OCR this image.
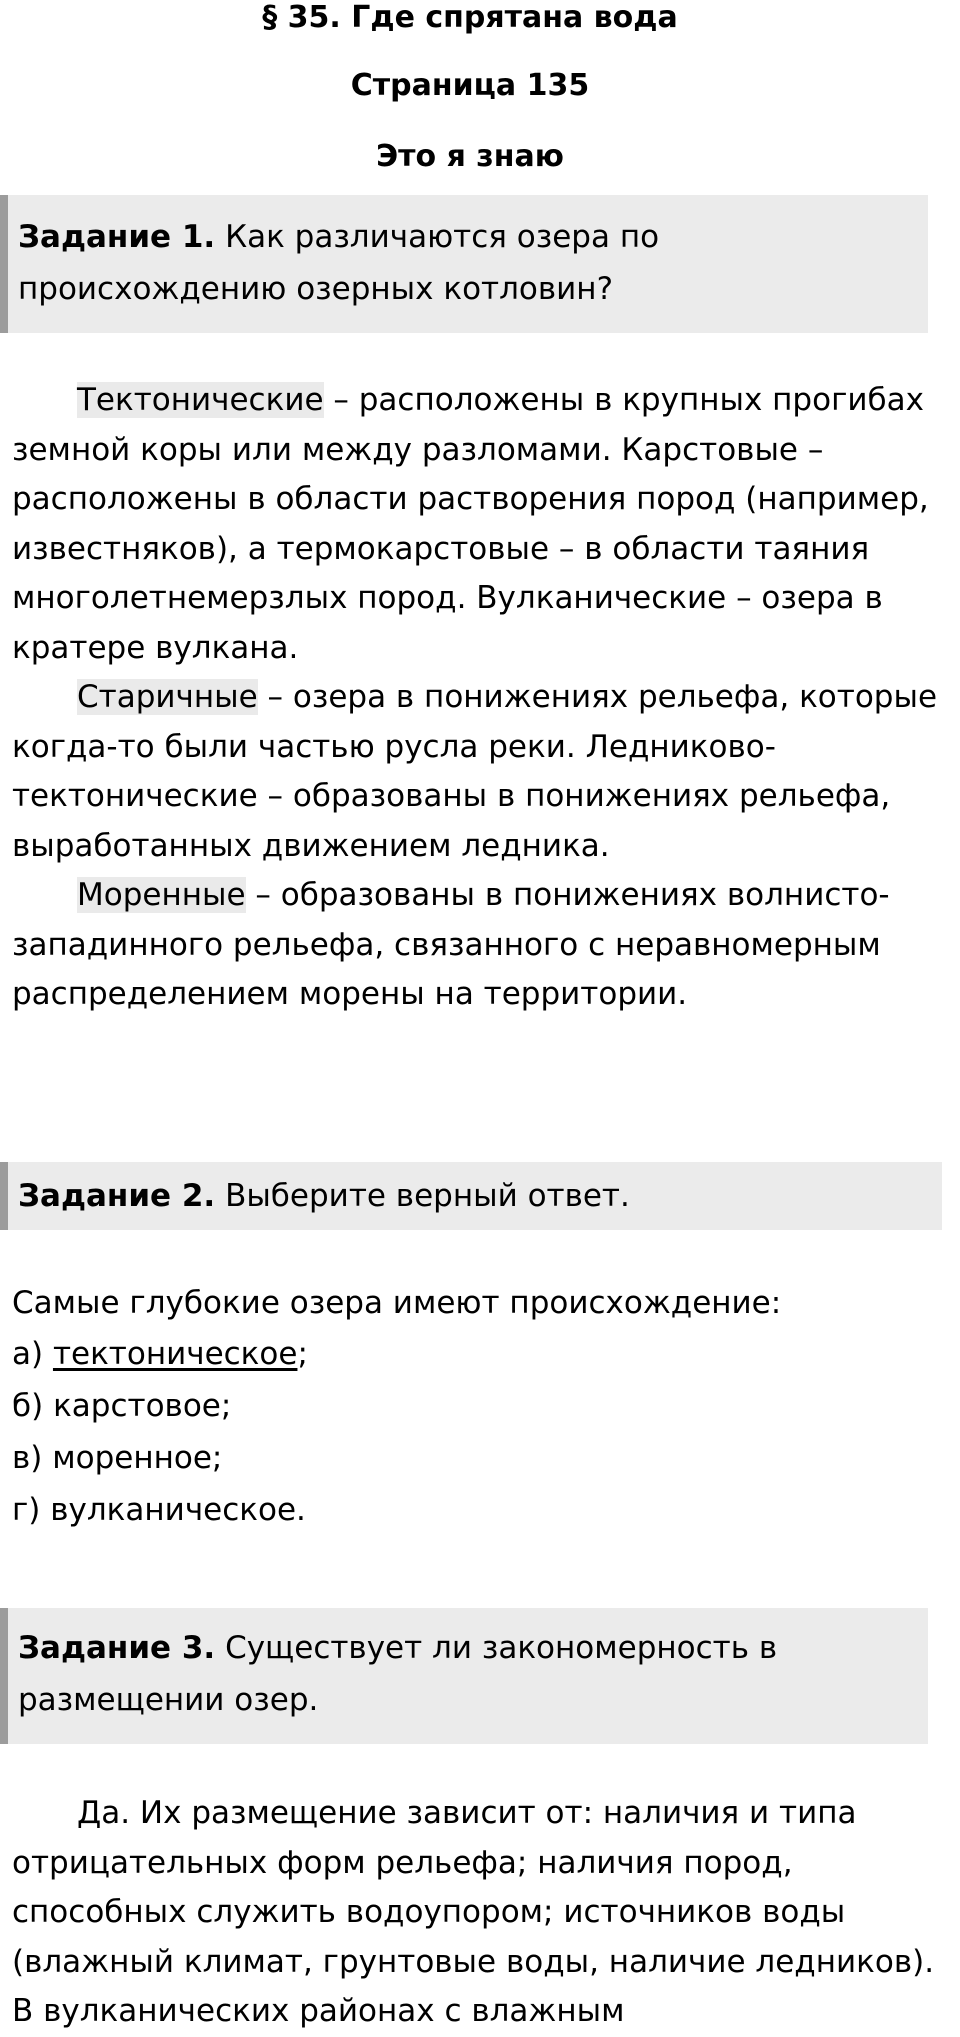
§ 35. Где спрятана вода
Страница 135
Это я знаю
Задание 1. Как различаются озера по происхождению озерных котловин?
Тектонические – расположены в крупных прогибах земной коры или между разломами. Карстовые – расположены в области растворения пород (например, известняков), а термокарстовые – в области таяния многолетнемерзлых пород. Вулканические – озера в кратере вулкана.
Старичные – озера в понижениях рельефа, которые когда-то были частью русла реки. Ледниково-тектонические – образованы в понижениях рельефа, выработанных движением ледника.
Моренные – образованы в понижениях волнисто-западинного рельефа, связанного с неравномерным распределением морены на территории.
Задание 2. Выберите верный ответ.
Самые глубокие озера имеют происхождение:
а) тектоническое;
б) карстовое;
в) моренное;
г) вулканическое.
Задание 3. Существует ли закономерность в размещении озер.
Да. Их размещение зависит от: наличия и типа отрицательных форм рельефа; наличия пород, способных служить водоупором; источников воды (влажный климат, грунтовые воды, наличие ледников). В вулканических районах с влажным
